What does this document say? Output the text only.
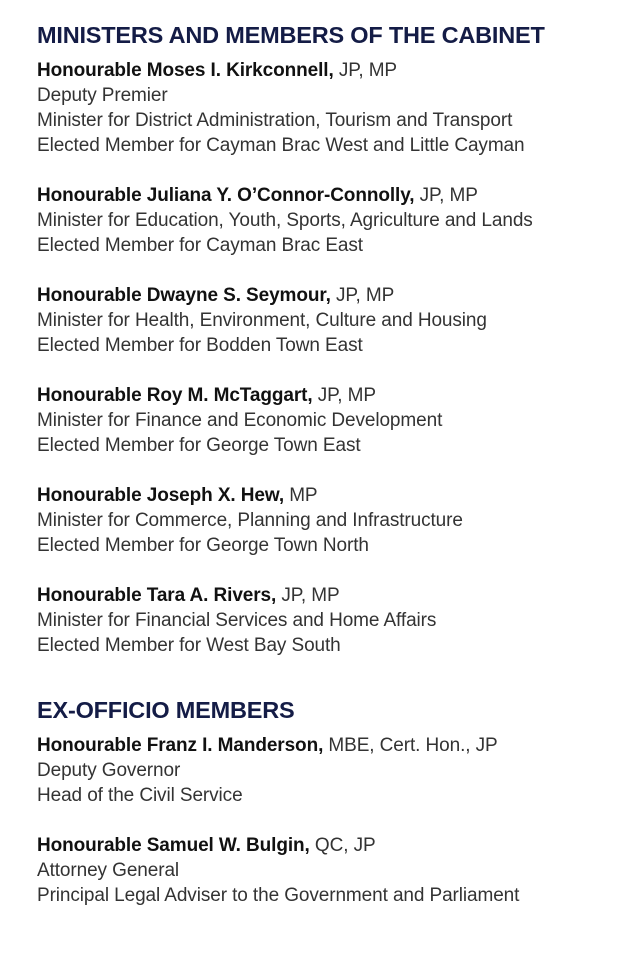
MINISTERS AND MEMBERS OF THE CABINET
Honourable Moses I. Kirkconnell, JP, MP
Deputy Premier
Minister for District Administration, Tourism and Transport
Elected Member for Cayman Brac West and Little Cayman
Honourable Juliana Y. O’Connor-Connolly, JP, MP
Minister for Education, Youth, Sports, Agriculture and Lands
Elected Member for Cayman Brac East
Honourable Dwayne S. Seymour, JP, MP
Minister for Health, Environment, Culture and Housing
Elected Member for Bodden Town East
Honourable Roy M. McTaggart, JP, MP
Minister for Finance and Economic Development
Elected Member for George Town East
Honourable Joseph X. Hew, MP
Minister for Commerce, Planning and Infrastructure
Elected Member for George Town North
Honourable Tara A. Rivers, JP, MP
Minister for Financial Services and Home Affairs
Elected Member for West Bay South
EX-OFFICIO MEMBERS
Honourable Franz I. Manderson, MBE, Cert. Hon., JP
Deputy Governor
Head of the Civil Service
Honourable Samuel W. Bulgin, QC, JP
Attorney General
Principal Legal Adviser to the Government and Parliament
